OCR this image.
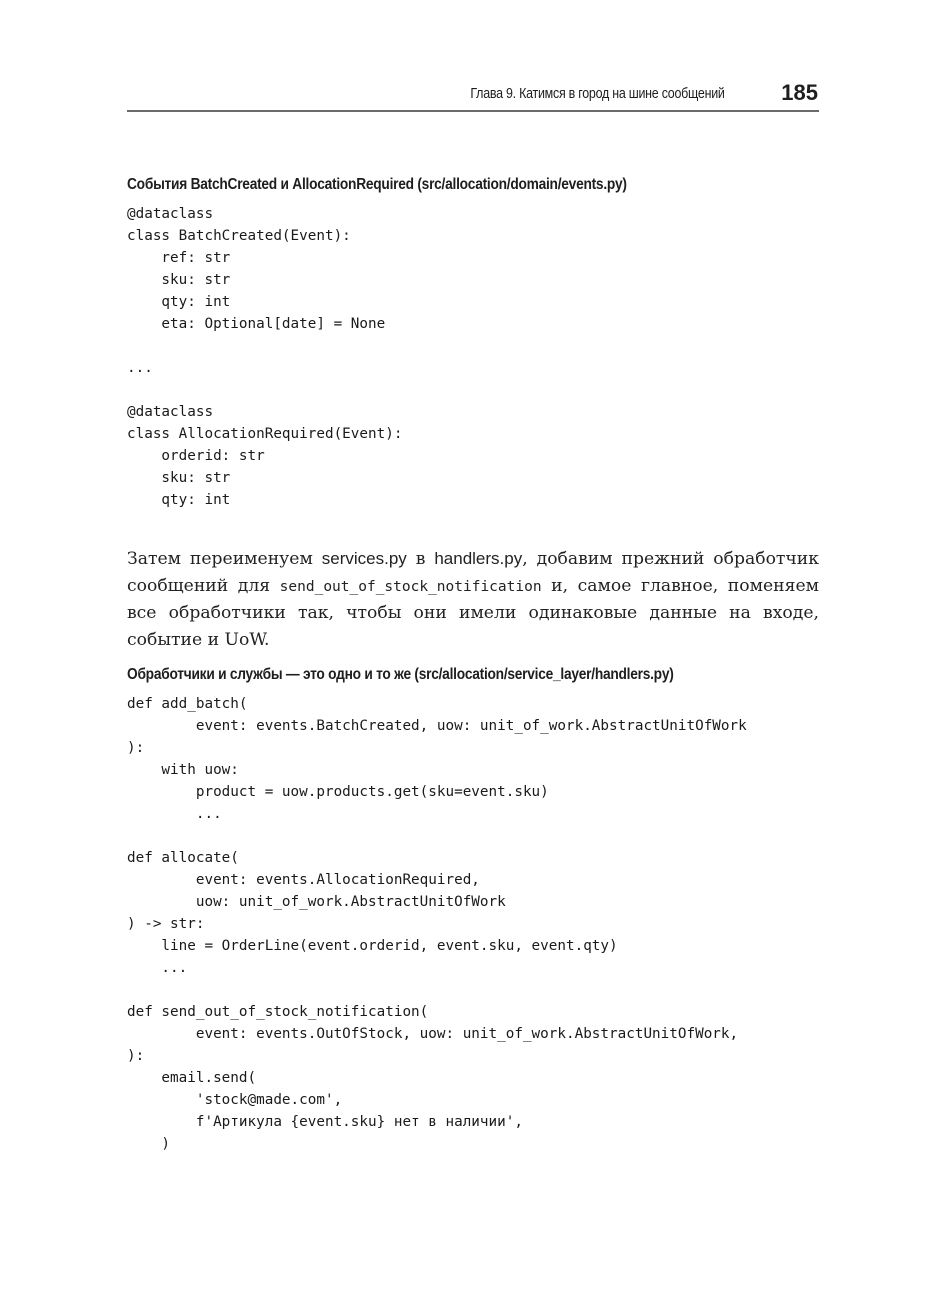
Глава 9. Катимся в город на шине сообщений	185
События BatchCreated и AllocationRequired (src/allocation/domain/events.py)
@dataclass
class BatchCreated(Event):
ref: str
sku: str
qty: int
eta: Optional[date] = None

...

@dataclass
class AllocationRequired(Event):
orderid: str
sku: str
qty: int

Затем переименуем services.py в handlers.py, добавим прежний обработчик сообщений для send_out_of_stock_notification и, самое главное, поменяем все обработчики так, чтобы они имели одинаковые данные на входе, событие и UoW.

Обработчики и службы — это одно и то же (src/allocation/service_layer/handlers.py)
def add_batch(
event: events.BatchCreated, uow: unit_of_work.AbstractUnitOfWork
):
with uow:
product = uow.products.get(sku=event.sku)
...

def allocate(
event: events.AllocationRequired,
uow: unit_of_work.AbstractUnitOfWork
) -> str:
line = OrderLine(event.orderid, event.sku, event.qty)
...

def send_out_of_stock_notification(
event: events.OutOfStock, uow: unit_of_work.AbstractUnitOfWork,
):
email.send(
'stock@made.com',
f'Артикула {event.sku} нет в наличии',
)
